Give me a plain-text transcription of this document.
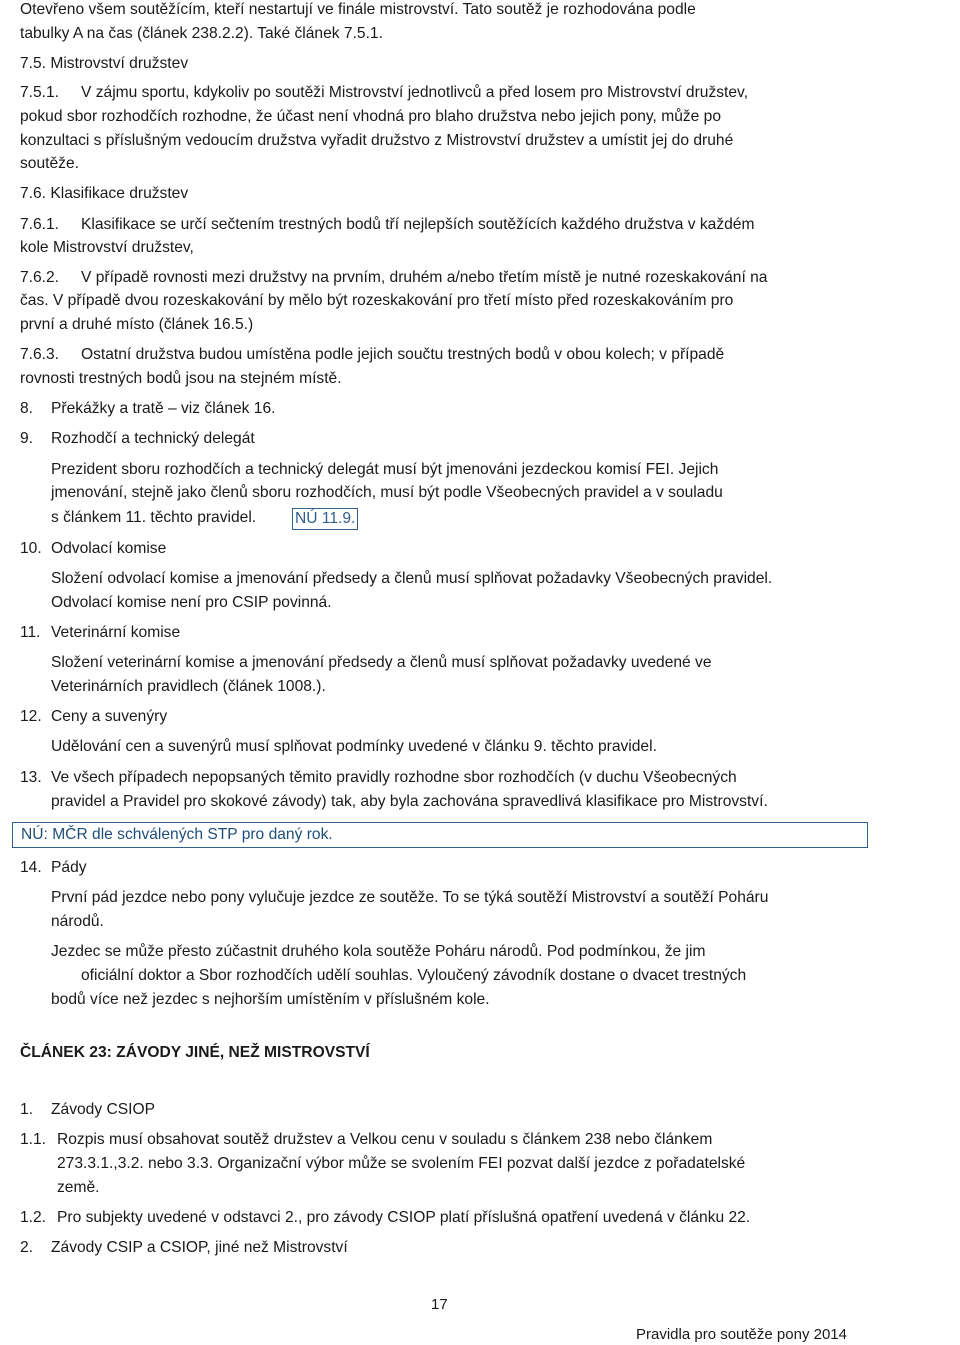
Otevřeno všem soutěžícím, kteří nestartují ve finále mistrovství. Tato soutěž je rozhodována podle
tabulky A na čas (článek 238.2.2). Také článek 7.5.1.
7.5. Mistrovství družstev
7.5.1. V zájmu sportu, kdykoliv po soutěži Mistrovství jednotlivců a před losem pro Mistrovství družstev,
pokud sbor rozhodčích rozhodne, že účast není vhodná pro blaho družstva nebo jejich pony, může po
konzultaci s příslušným vedoucím družstva vyřadit družstvo z Mistrovství družstev a umístit jej do druhé
soutěže.
7.6. Klasifikace družstev
7.6.1. Klasifikace se určí sečtením trestných bodů tří nejlepších soutěžících každého družstva v každém
kole Mistrovství družstev,
7.6.2. V případě rovnosti mezi družstvy na prvním, druhém a/nebo třetím místě je nutné rozeskakování na
čas. V případě dvou rozeskakování by mělo být rozeskakování pro třetí místo před rozeskakováním pro
první a druhé místo (článek 16.5.)
7.6.3. Ostatní družstva budou umístěna podle jejich součtu trestných bodů v obou kolech; v případě
rovnosti trestných bodů jsou na stejném místě.
8. Překážky a tratě – viz článek 16.
9. Rozhodčí a technický delegát
Prezident sboru rozhodčích a technický delegát musí být jmenováni jezdeckou komisí FEI. Jejich
jmenování, stejně jako členů sboru rozhodčích, musí být podle Všeobecných pravidel a v souladu
s článkem 11. těchto pravidel. NÚ 11.9.
10. Odvolací komise
Složení odvolací komise a jmenování předsedy a členů musí splňovat požadavky Všeobecných pravidel.
Odvolací komise není pro CSIP povinná.
11. Veterinární komise
Složení veterinární komise a jmenování předsedy a členů musí splňovat požadavky uvedené ve
Veterinárních pravidlech (článek 1008.).
12. Ceny a suvenýry
Udělování cen a suvenýrů musí splňovat podmínky uvedené v článku 9. těchto pravidel.
13. Ve všech případech nepopsaných těmito pravidly rozhodne sbor rozhodčích (v duchu Všeobecných
pravidel a Pravidel pro skokové závody) tak, aby byla zachována spravedlivá klasifikace pro Mistrovství.
NÚ: MČR dle schválených STP pro daný rok.
14. Pády
První pád jezdce nebo pony vylučuje jezdce ze soutěže. To se týká soutěží Mistrovství a soutěží Poháru
národů.
Jezdec se může přesto zúčastnit druhého kola soutěže Poháru národů. Pod podmínkou, že jim
oficiální doktor a Sbor rozhodčích udělí souhlas. Vyloučený závodník dostane o dvacet trestných
bodů více než jezdec s nejhorším umístěním v příslušném kole.
ČLÁNEK 23: ZÁVODY JINÉ, NEŽ MISTROVSTVÍ
1. Závody CSIOP
1.1. Rozpis musí obsahovat soutěž družstev a Velkou cenu v souladu s článkem 238 nebo článkem
273.3.1.,3.2. nebo 3.3. Organizační výbor může se svolením FEI pozvat další jezdce z pořadatelské
země.
1.2. Pro subjekty uvedené v odstavci 2., pro závody CSIOP platí příslušná opatření uvedená v článku 22.
2. Závody CSIP a CSIOP, jiné než Mistrovství
17
Pravidla pro soutěže pony 2014
